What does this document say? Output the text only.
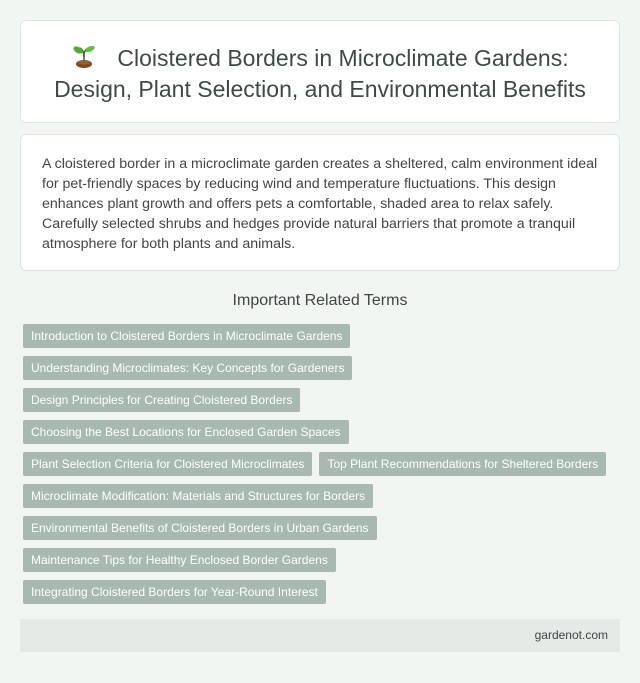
Cloistered Borders in Microclimate Gardens: Design, Plant Selection, and Environmental Benefits

A cloistered border in a microclimate garden creates a sheltered, calm environment ideal for pet-friendly spaces by reducing wind and temperature fluctuations. This design enhances plant growth and offers pets a comfortable, shaded area to relax safely. Carefully selected shrubs and hedges provide natural barriers that promote a tranquil atmosphere for both plants and animals.

Important Related Terms
Introduction to Cloistered Borders in Microclimate Gardens
Understanding Microclimates: Key Concepts for Gardeners
Design Principles for Creating Cloistered Borders
Choosing the Best Locations for Enclosed Garden Spaces
Plant Selection Criteria for Cloistered Microclimates	Top Plant Recommendations for Sheltered Borders
Microclimate Modification: Materials and Structures for Borders
Environmental Benefits of Cloistered Borders in Urban Gardens
Maintenance Tips for Healthy Enclosed Border Gardens
Integrating Cloistered Borders for Year-Round Interest
gardenot.com
